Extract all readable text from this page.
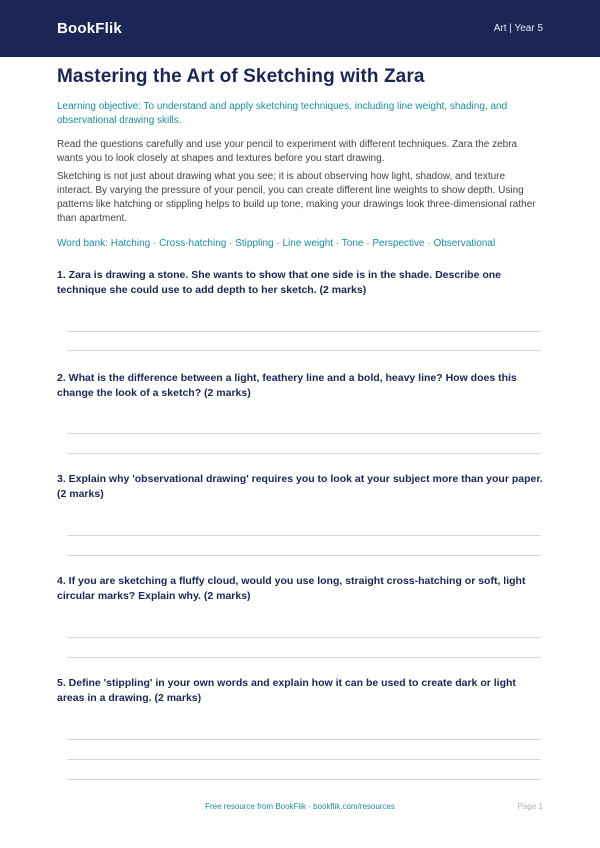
BookFlik	Art | Year 5
Mastering the Art of Sketching with Zara
Learning objective: To understand and apply sketching techniques, including line weight, shading, and observational drawing skills.
Read the questions carefully and use your pencil to experiment with different techniques. Zara the zebra wants you to look closely at shapes and textures before you start drawing.
Sketching is not just about drawing what you see; it is about observing how light, shadow, and texture interact. By varying the pressure of your pencil, you can create different line weights to show depth. Using patterns like hatching or stippling helps to build up tone, making your drawings look three-dimensional rather than apartment.
Word bank: Hatching · Cross-hatching · Stippling · Line weight · Tone · Perspective · Observational
1. Zara is drawing a stone. She wants to show that one side is in the shade. Describe one technique she could use to add depth to her sketch. (2 marks)
2. What is the difference between a light, feathery line and a bold, heavy line? How does this change the look of a sketch? (2 marks)
3. Explain why 'observational drawing' requires you to look at your subject more than your paper. (2 marks)
4. If you are sketching a fluffy cloud, would you use long, straight cross-hatching or soft, light circular marks? Explain why. (2 marks)
5. Define 'stippling' in your own words and explain how it can be used to create dark or light areas in a drawing. (2 marks)
Free resource from BookFlik · bookflik.com/resources	Page 1
